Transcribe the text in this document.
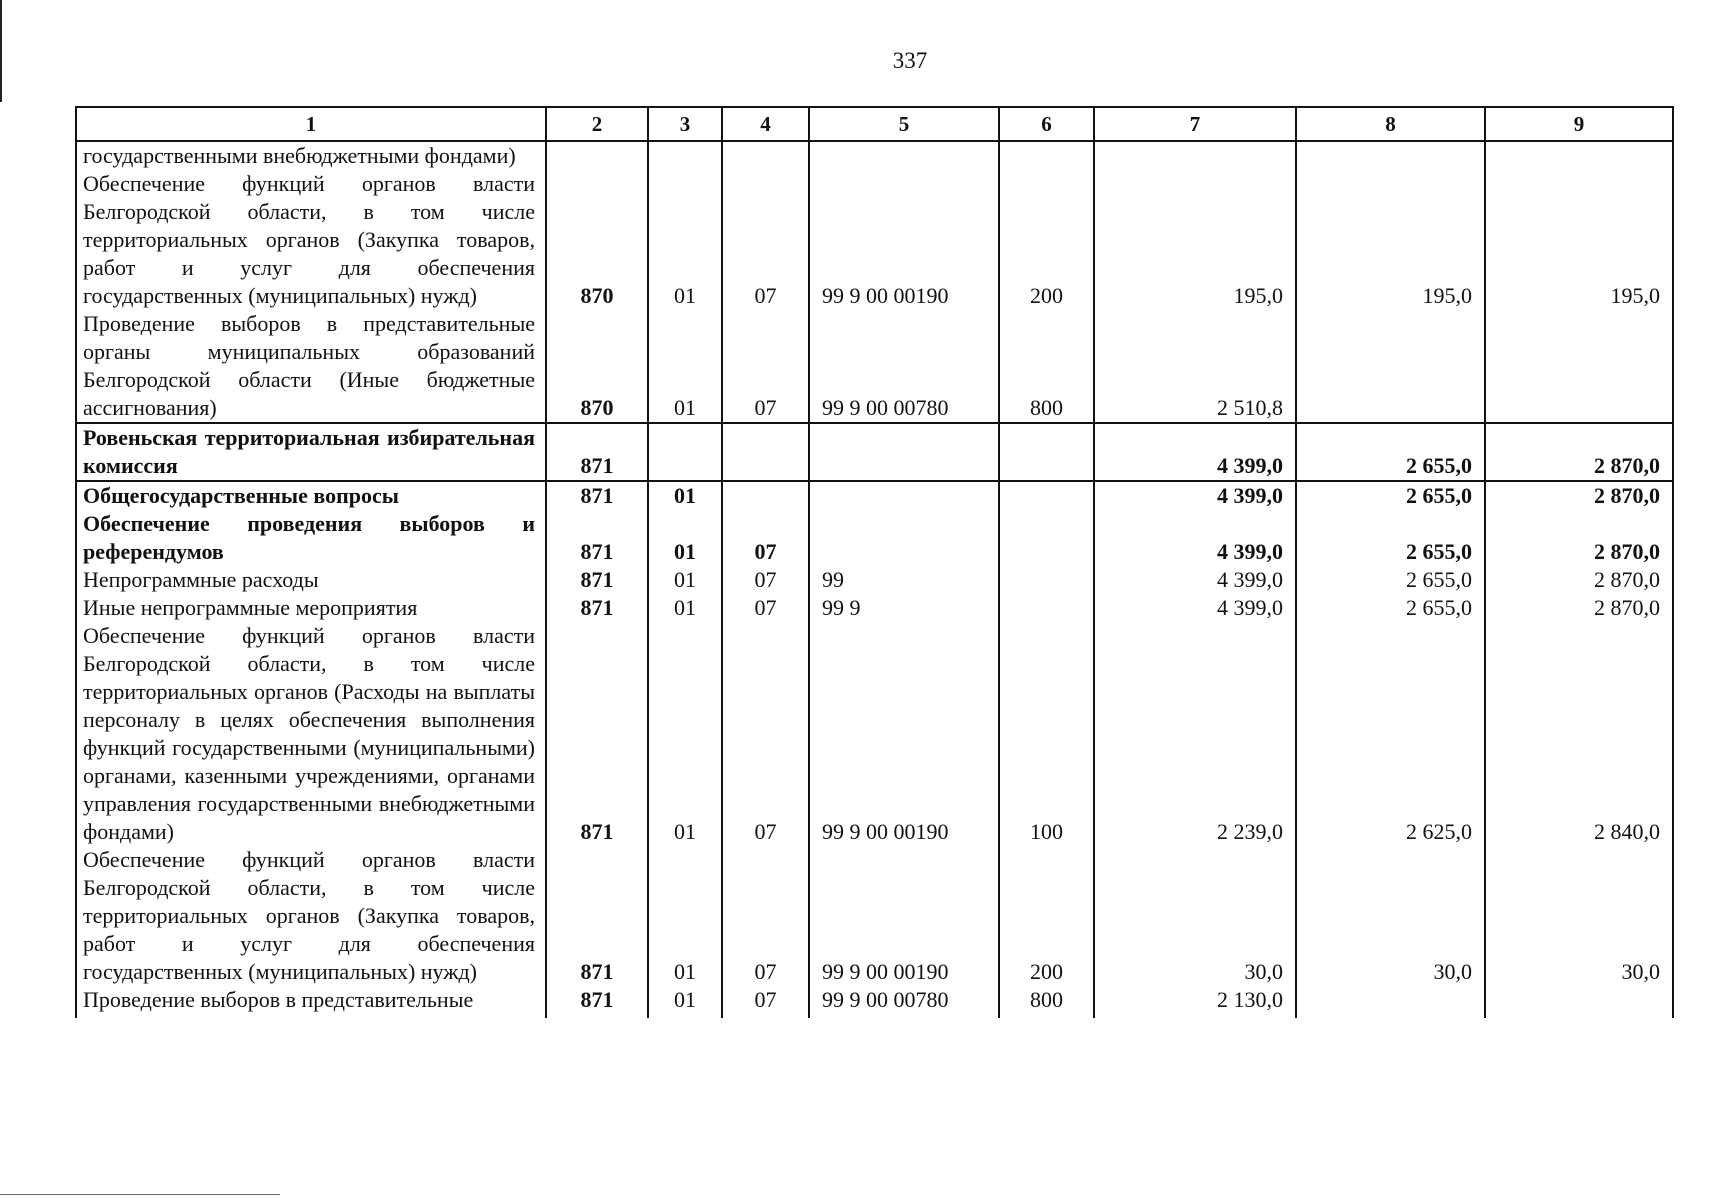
337
1	2	3	4	5	6	7	8	9
государственными внебюджетными фондами)								
Обеспечение функций органов власти Белгородской области, в том числе территориальных органов (Закупка товаров, работ и услуг для обеспечения государственных (муниципальных) нужд)	870	01	07	99 9 00 00190	200	195,0	195,0	195,0
Проведение выборов в представительные органы муниципальных образований Белгородской области (Иные бюджетные ассигнования)	870	01	07	99 9 00 00780	800	2 510,8		
Ровеньская территориальная избирательная комиссия	871					4 399,0	2 655,0	2 870,0
Общегосударственные вопросы	871	01				4 399,0	2 655,0	2 870,0
Обеспечение проведения выборов и референдумов	871	01	07			4 399,0	2 655,0	2 870,0
Непрограммные расходы	871	01	07	99		4 399,0	2 655,0	2 870,0
Иные непрограммные мероприятия	871	01	07	99 9		4 399,0	2 655,0	2 870,0
Обеспечение функций органов власти Белгородской области, в том числе территориальных органов (Расходы на выплаты персоналу в целях обеспечения выполнения функций государственными (муниципальными) органами, казенными учреждениями, органами управления государственными внебюджетными фондами)	871	01	07	99 9 00 00190	100	2 239,0	2 625,0	2 840,0
Обеспечение функций органов власти Белгородской области, в том числе территориальных органов (Закупка товаров, работ и услуг для обеспечения государственных (муниципальных) нужд)	871	01	07	99 9 00 00190	200	30,0	30,0	30,0
Проведение выборов в представительные	871	01	07	99 9 00 00780	800	2 130,0		
